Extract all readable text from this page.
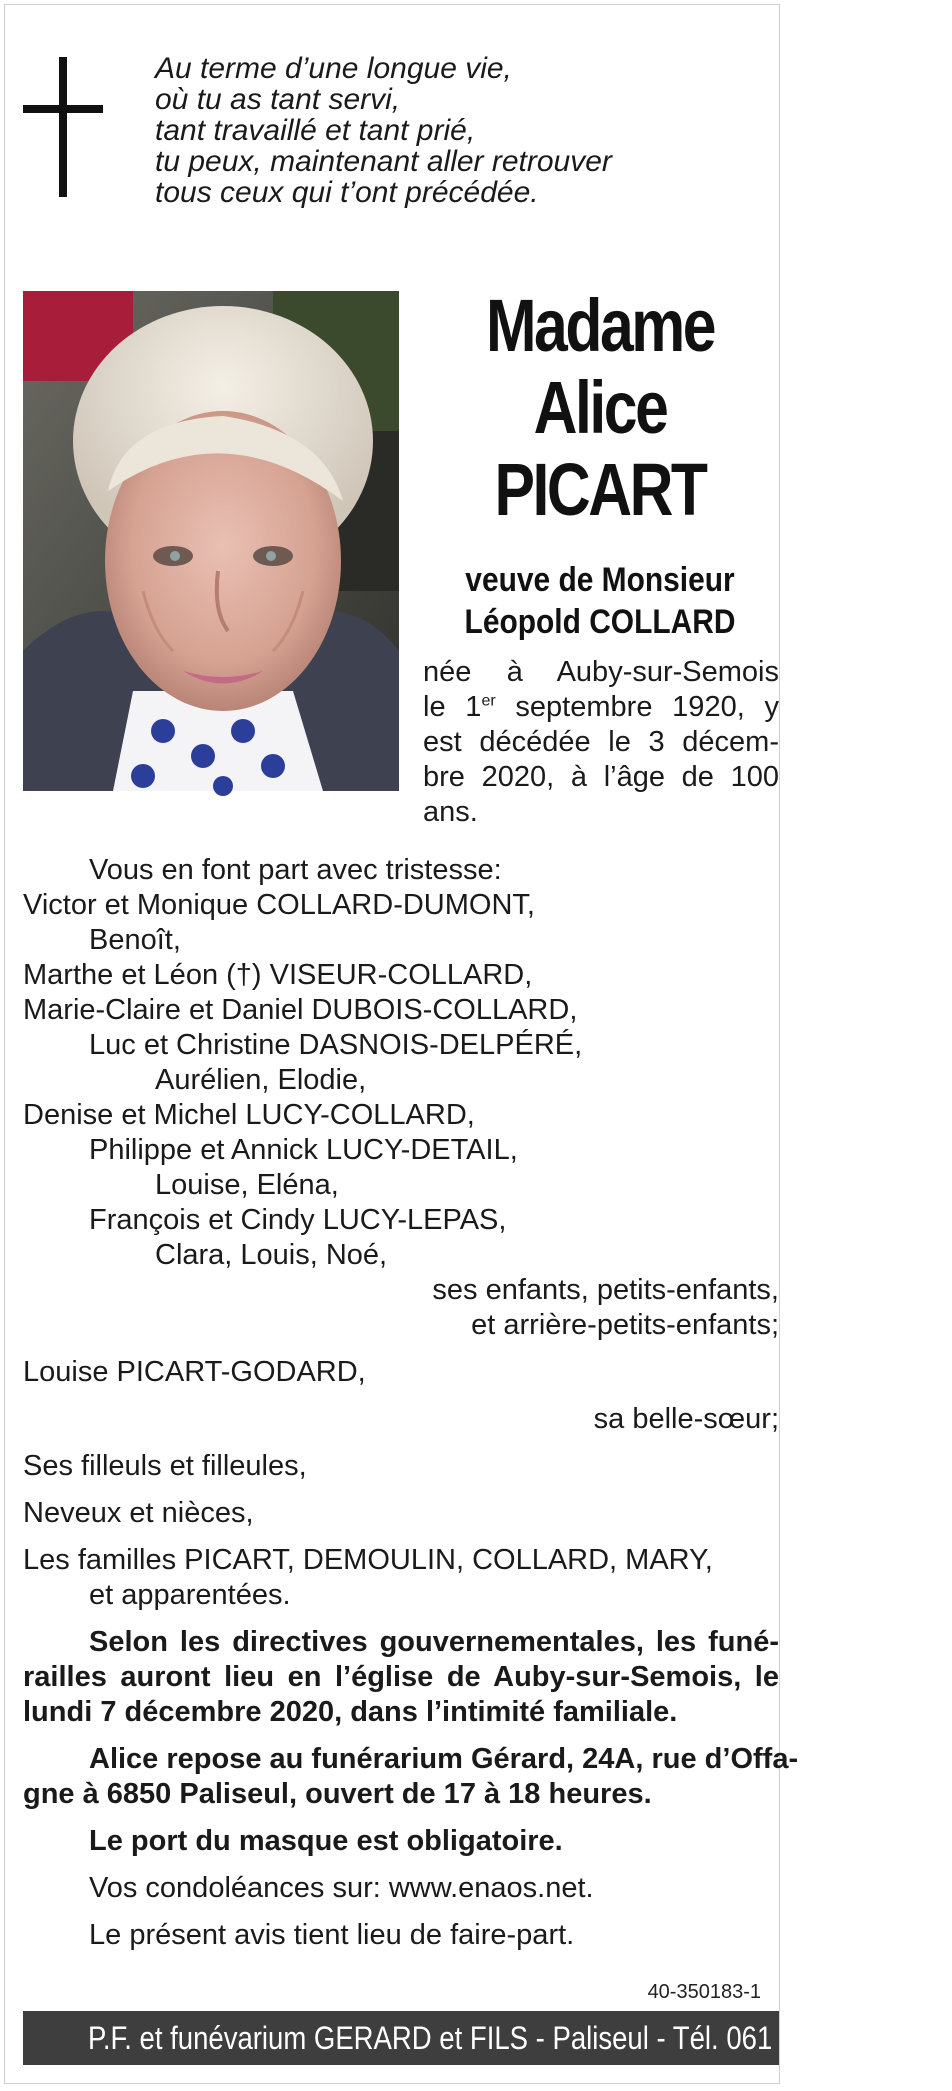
Au terme d’une longue vie,
où tu as tant servi,
tant travaillé et tant prié,
tu peux, maintenant aller retrouver
tous ceux qui t’ont précédée.
Madame
Alice
PICART
veuve de Monsieur
Léopold COLLARD
née à Auby-sur-Semois
le 1er septembre 1920, y
est décédée le 3 décem-
bre 2020, à l’âge de 100
ans.
Vous en font part avec tristesse:
Victor et Monique COLLARD-DUMONT,
Benoît,
Marthe et Léon (†) VISEUR-COLLARD,
Marie-Claire et Daniel DUBOIS-COLLARD,
Luc et Christine DASNOIS-DELPÉRÉ,
Aurélien, Elodie,
Denise et Michel LUCY-COLLARD,
Philippe et Annick LUCY-DETAIL,
Louise, Eléna,
François et Cindy LUCY-LEPAS,
Clara, Louis, Noé,
ses enfants, petits-enfants,
et arrière-petits-enfants;
Louise PICART-GODARD,
sa belle-sœur;
Ses filleuls et filleules,
Neveux et nièces,
Les familles PICART, DEMOULIN, COLLARD, MARY,
et apparentées.
Selon les directives gouvernementales, les funé-
railles auront lieu en l’église de Auby-sur-Semois, le
lundi 7 décembre 2020, dans l’intimité familiale.
Alice repose au funérarium Gérard, 24A, rue d’Offa-
gne à 6850 Paliseul, ouvert de 17 à 18 heures.
Le port du masque est obligatoire.
Vos condoléances sur: www.enaos.net.
Le présent avis tient lieu de faire-part.
40-350183-1
P.F. et funévarium GERARD et FILS - Paliseul - Tél. 061 53 32 84
